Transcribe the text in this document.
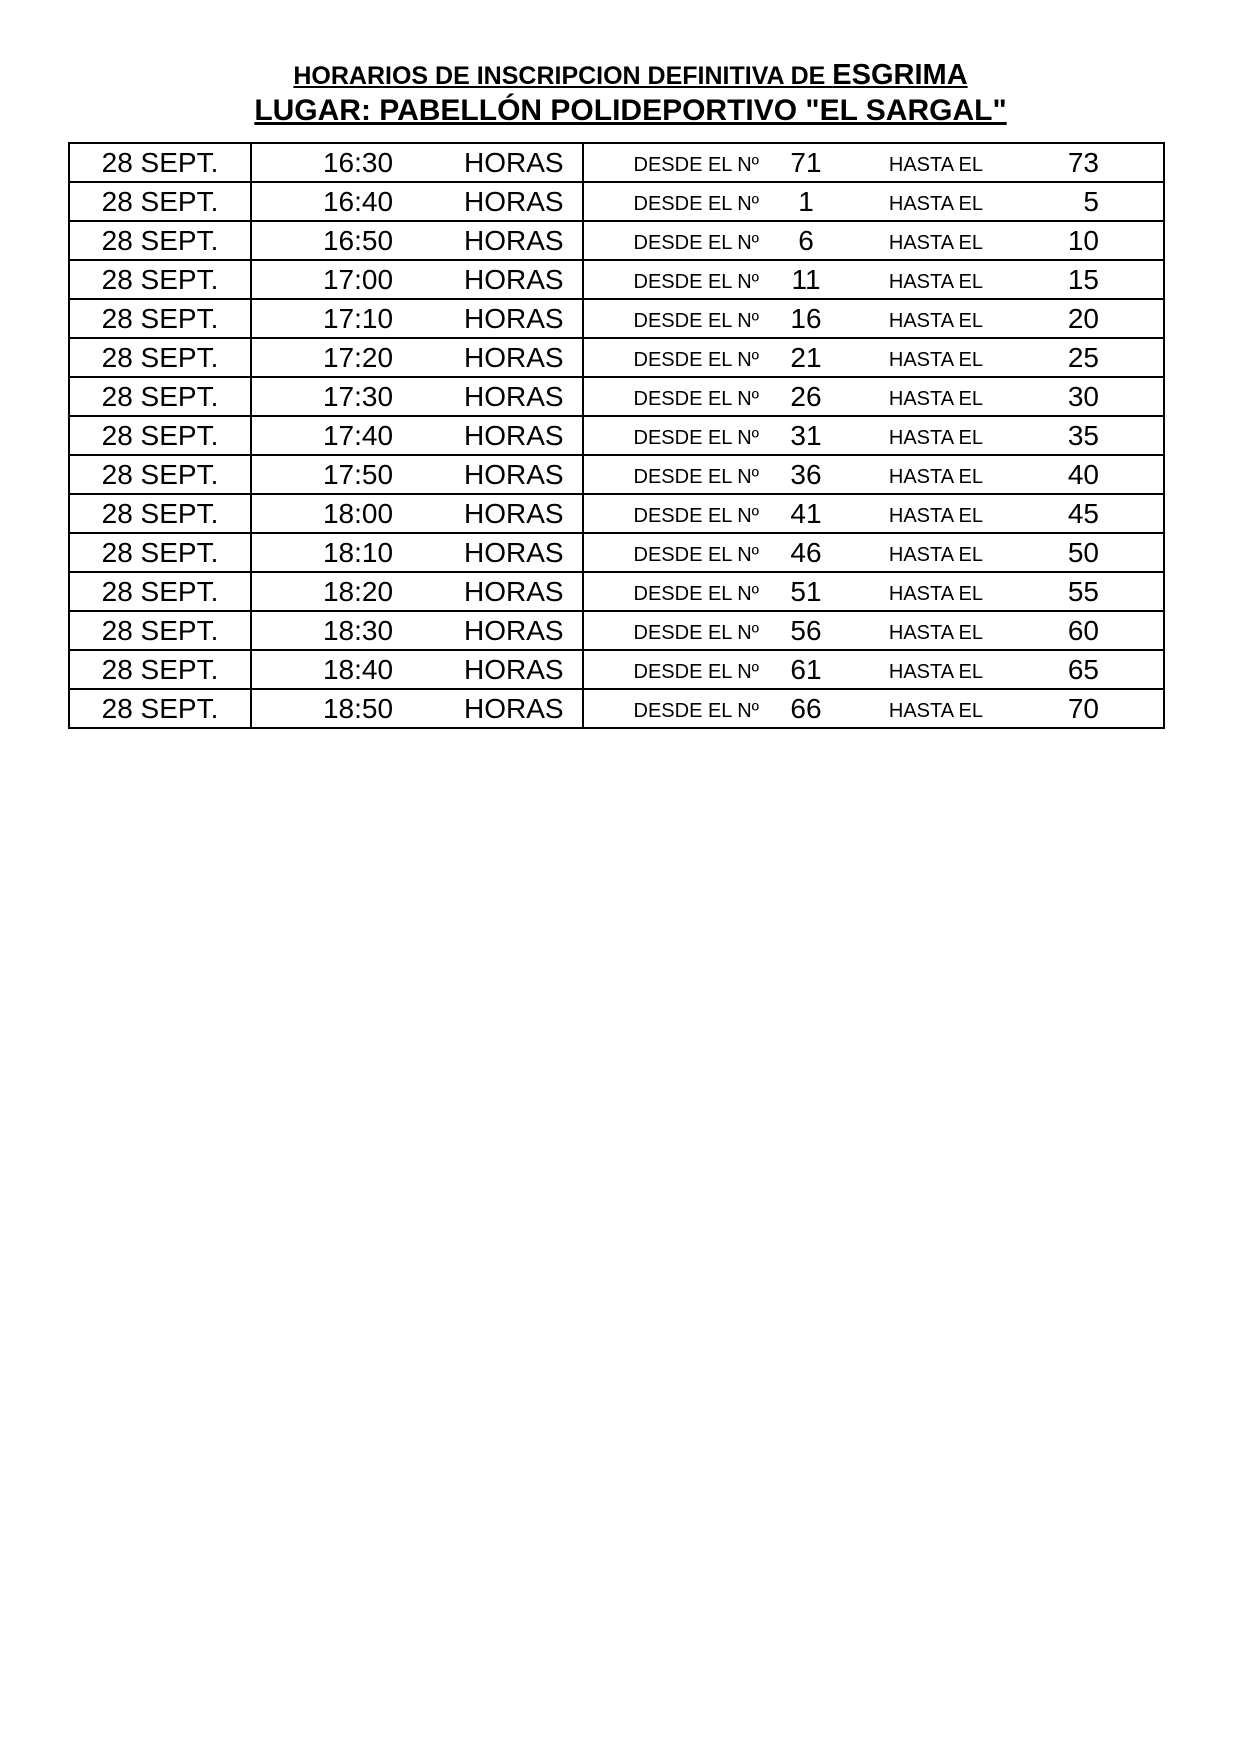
HORARIOS DE INSCRIPCION DEFINITIVA DE ESGRIMA
LUGAR: PABELLÓN POLIDEPORTIVO "EL SARGAL"
28 SEPT.	16:30 HORAS	DESDE EL Nº 71 HASTA EL 73

28 SEPT.	16:40 HORAS	DESDE EL Nº 1 HASTA EL 5

28 SEPT.	16:50 HORAS	DESDE EL Nº 6 HASTA EL 10

28 SEPT.	17:00 HORAS	DESDE EL Nº 11 HASTA EL 15

28 SEPT.	17:10 HORAS	DESDE EL Nº 16 HASTA EL 20

28 SEPT.	17:20 HORAS	DESDE EL Nº 21 HASTA EL 25

28 SEPT.	17:30 HORAS	DESDE EL Nº 26 HASTA EL 30

28 SEPT.	17:40 HORAS	DESDE EL Nº 31 HASTA EL 35

28 SEPT.	17:50 HORAS	DESDE EL Nº 36 HASTA EL 40

28 SEPT.	18:00 HORAS	DESDE EL Nº 41 HASTA EL 45

28 SEPT.	18:10 HORAS	DESDE EL Nº 46 HASTA EL 50

28 SEPT.	18:20 HORAS	DESDE EL Nº 51 HASTA EL 55

28 SEPT.	18:30 HORAS	DESDE EL Nº 56 HASTA EL 60

28 SEPT.	18:40 HORAS	DESDE EL Nº 61 HASTA EL 65

28 SEPT.	18:50 HORAS	DESDE EL Nº 66 HASTA EL 70
